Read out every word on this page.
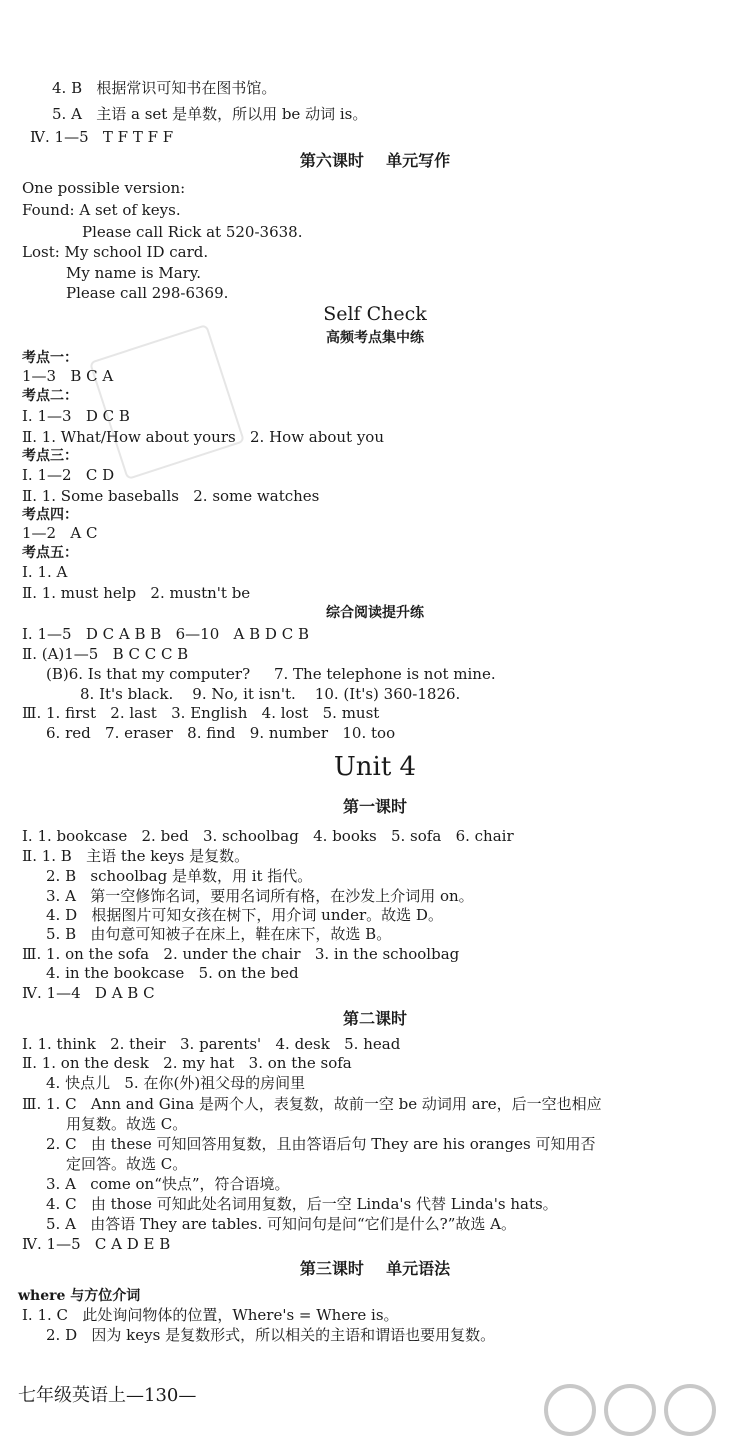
4. B   根据常识可知书在图书馆。
5. A   主语 a set 是单数，所以用 be 动词 is。
Ⅳ. 1—5   T F T F F
第六课时    单元写作
One possible version:
Found: A set of keys.
Please call Rick at 520-3638.
Lost: My school ID card.
My name is Mary.
Please call 298-6369.
Self Check
高频考点集中练
考点一：
1—3   B C A
考点二：
Ⅰ. 1—3   D C B
Ⅱ. 1. What/How about yours   2. How about you
考点三：
Ⅰ. 1—2   C D
Ⅱ. 1. Some baseballs   2. some watches
考点四：
1—2   A C
考点五：
Ⅰ. 1. A
Ⅱ. 1. must help   2. mustn't be
综合阅读提升练
Ⅰ. 1—5   D C A B B   6—10   A B D C B
Ⅱ. (A)1—5   B C C C B
(B)6. Is that my computer?     7. The telephone is not mine.
8. It's black.    9. No, it isn't.    10. (It's) 360-1826.
Ⅲ. 1. first   2. last   3. English   4. lost   5. must
6. red   7. eraser   8. find   9. number   10. too
Unit 4
第一课时
Ⅰ. 1. bookcase   2. bed   3. schoolbag   4. books   5. sofa   6. chair
Ⅱ. 1. B   主语 the keys 是复数。
2. B   schoolbag 是单数，用 it 指代。
3. A   第一空修饰名词，要用名词所有格，在沙发上介词用 on。
4. D   根据图片可知女孩在树下，用介词 under。故选 D。
5. B   由句意可知被子在床上，鞋在床下，故选 B。
Ⅲ. 1. on the sofa   2. under the chair   3. in the schoolbag
4. in the bookcase   5. on the bed
Ⅳ. 1—4   D A B C
第二课时
Ⅰ. 1. think   2. their   3. parents'   4. desk   5. head
Ⅱ. 1. on the desk   2. my hat   3. on the sofa
4. 快点儿   5. 在你(外)祖父母的房间里
Ⅲ. 1. C   Ann and Gina 是两个人，表复数，故前一空 be 动词用 are，后一空也相应
用复数。故选 C。
2. C   由 these 可知回答用复数，且由答语后句 They are his oranges 可知用否
定回答。故选 C。
3. A   come on“快点”，符合语境。
4. C   由 those 可知此处名词用复数，后一空 Linda's 代替 Linda's hats。
5. A   由答语 They are tables. 可知问句是问“它们是什么?”故选 A。
Ⅳ. 1—5   C A D E B
第三课时    单元语法
where 与方位介词
Ⅰ. 1. C   此处询问物体的位置，Where's = Where is。
2. D   因为 keys 是复数形式，所以相关的主语和谓语也要用复数。
七年级英语上—130—
